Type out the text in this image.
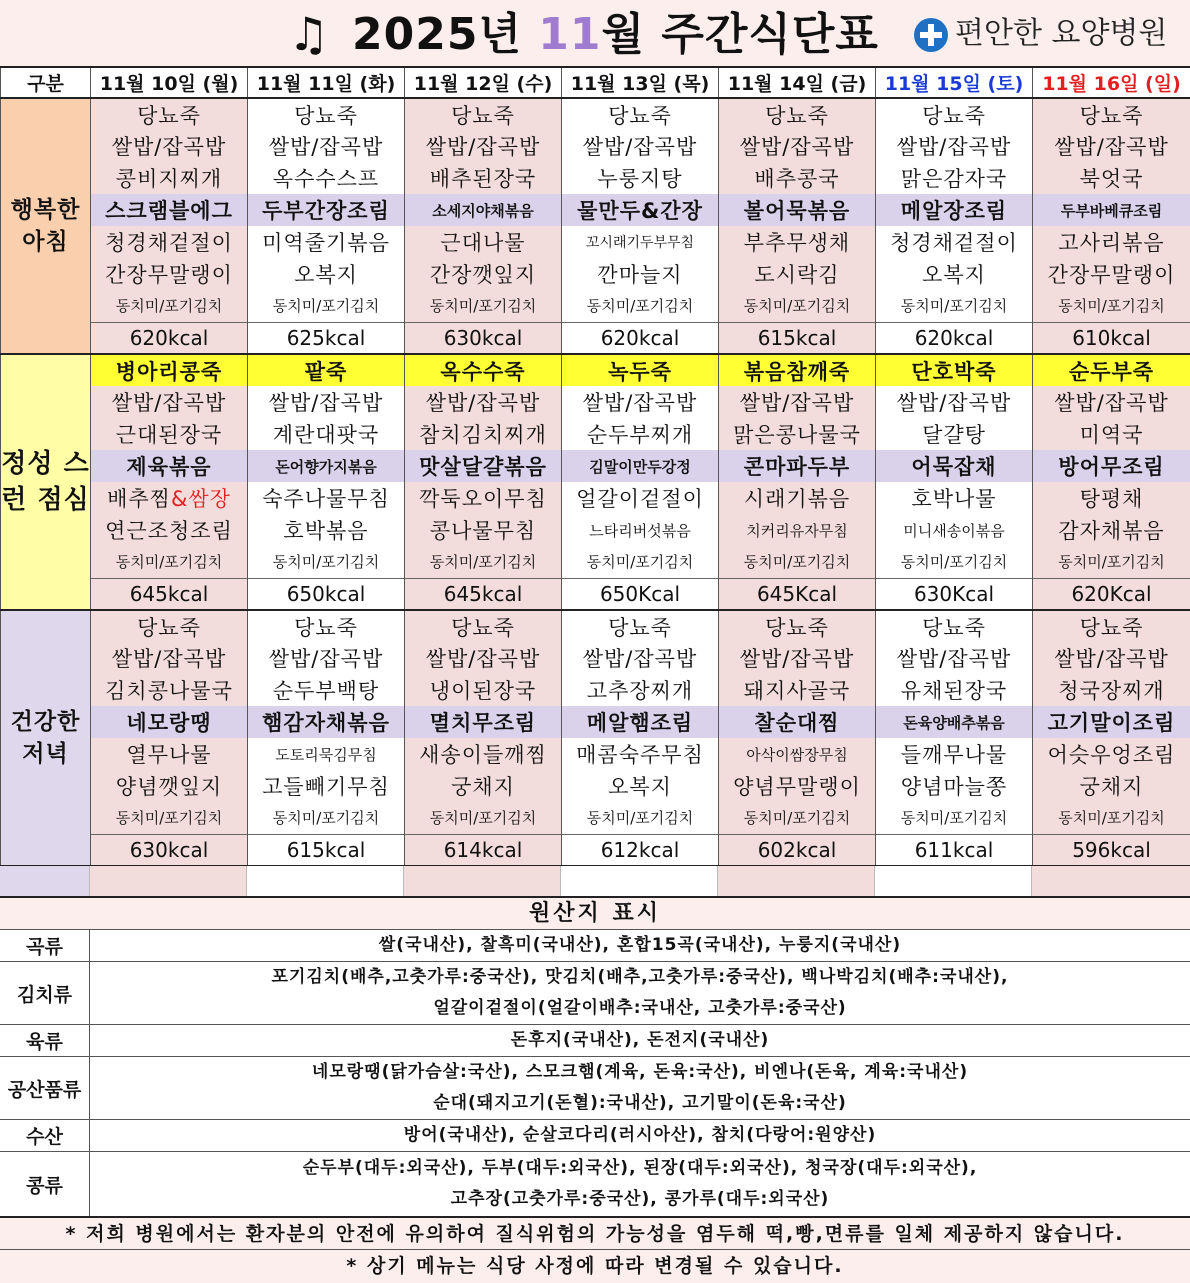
♫ 2025년 11월 주간식단표	편안한 요양병원
구분	11월 10일 (월)	11월 11일 (화)	11월 12일 (수)	11월 13일 (목)	11월 14일 (금)	11월 15일 (토)	11월 16일 (일)
행복한 아침	당뇨죽	당뇨죽	당뇨죽	당뇨죽	당뇨죽	당뇨죽	당뇨죽
	쌀밥/잡곡밥	쌀밥/잡곡밥	쌀밥/잡곡밥	쌀밥/잡곡밥	쌀밥/잡곡밥	쌀밥/잡곡밥	쌀밥/잡곡밥
	콩비지찌개	옥수수스프	배추된장국	누룽지탕	배추콩국	맑은감자국	북엇국
	스크램블에그	두부간장조림	소세지야채볶음	물만두&간장	볼어묵볶음	메알장조림	두부바베큐조림
	청경채겉절이	미역줄기볶음	근대나물	꼬시래기두부무침	부추무생채	청경채겉절이	고사리볶음
	간장무말랭이	오복지	간장깻잎지	깐마늘지	도시락김	오복지	간장무말랭이
	동치미/포기김치	동치미/포기김치	동치미/포기김치	동치미/포기김치	동치미/포기김치	동치미/포기김치	동치미/포기김치
	620kcal	625kcal	630kcal	620kcal	615kcal	620kcal	610kcal
정성 스런 점심	병아리콩죽	팥죽	옥수수죽	녹두죽	볶음참깨죽	단호박죽	순두부죽
	쌀밥/잡곡밥	쌀밥/잡곡밥	쌀밥/잡곡밥	쌀밥/잡곡밥	쌀밥/잡곡밥	쌀밥/잡곡밥	쌀밥/잡곡밥
	근대된장국	계란대팟국	참치김치찌개	순두부찌개	맑은콩나물국	달걀탕	미역국
	제육볶음	돈어향가지볶음	맛살달걀볶음	김말이만두강정	콘마파두부	어묵잡채	방어무조림
	배추찜&쌈장	숙주나물무침	깍둑오이무침	얼갈이겉절이	시래기볶음	호박나물	탕평채
	연근조청조림	호박볶음	콩나물무침	느타리버섯볶음	치커리유자무침	미니새송이볶음	감자채볶음
	동치미/포기김치	동치미/포기김치	동치미/포기김치	동치미/포기김치	동치미/포기김치	동치미/포기김치	동치미/포기김치
	645kcal	650kcal	645kcal	650Kcal	645Kcal	630Kcal	620Kcal
건강한 저녁	당뇨죽	당뇨죽	당뇨죽	당뇨죽	당뇨죽	당뇨죽	당뇨죽
	쌀밥/잡곡밥	쌀밥/잡곡밥	쌀밥/잡곡밥	쌀밥/잡곡밥	쌀밥/잡곡밥	쌀밥/잡곡밥	쌀밥/잡곡밥
	김치콩나물국	순두부백탕	냉이된장국	고추장찌개	돼지사골국	유채된장국	청국장찌개
	네모랑땡	햄감자채볶음	멸치무조림	메알햄조림	찰순대찜	돈육양배추볶음	고기말이조림
	열무나물	도토리묵김무침	새송이들깨찜	매콤숙주무침	아삭이쌈장무침	들깨무나물	어슷우엉조림
	양념깻잎지	고들빼기무침	궁채지	오복지	양념무말랭이	양념마늘쫑	궁채지
	동치미/포기김치	동치미/포기김치	동치미/포기김치	동치미/포기김치	동치미/포기김치	동치미/포기김치	동치미/포기김치
	630kcal	615kcal	614kcal	612kcal	602kcal	611kcal	596kcal
원산지 표시
곡류	쌀(국내산), 찰흑미(국내산), 혼합15곡(국내산), 누룽지(국내산)
김치류
포기김치(배추,고춧가루:중국산), 맛김치(배추,고춧가루:중국산), 백나박김치(배추:국내산),
얼갈이겉절이(얼갈이배추:국내산, 고춧가루:중국산)
육류	돈후지(국내산), 돈전지(국내산)
공산품류
네모랑땡(닭가슴살:국산), 스모크햄(계육, 돈육:국산), 비엔나(돈육, 계육:국내산)
순대(돼지고기(돈혈):국내산), 고기말이(돈육:국산)
수산	방어(국내산), 순살코다리(러시아산), 참치(다랑어:원양산)
콩류
순두부(대두:외국산), 두부(대두:외국산), 된장(대두:외국산), 청국장(대두:외국산),
고추장(고춧가루:중국산), 콩가루(대두:외국산)
* 저희 병원에서는 환자분의 안전에 유의하여 질식위험의 가능성을 염두해 떡,빵,면류를 일체 제공하지 않습니다.
* 상기 메뉴는 식당 사정에 따라 변경될 수 있습니다.
